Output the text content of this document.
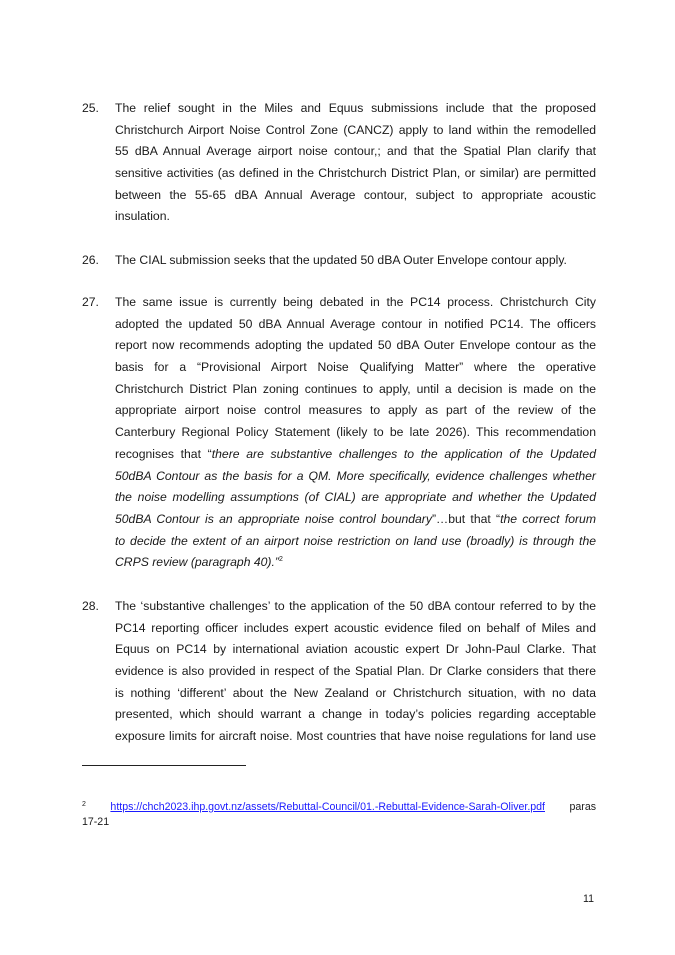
25. The relief sought in the Miles and Equus submissions include that the proposed
Christchurch Airport Noise Control Zone (CANCZ) apply to land within the remodelled
55 dBA Annual Average airport noise contour,; and that the Spatial Plan clarify that
sensitive activities (as defined in the Christchurch District Plan, or similar) are permitted
between the 55-65 dBA Annual Average contour, subject to appropriate acoustic
insulation.
26. The CIAL submission seeks that the updated 50 dBA Outer Envelope contour apply.
27. The same issue is currently being debated in the PC14 process. Christchurch City
adopted the updated 50 dBA Annual Average contour in notified PC14. The officers
report now recommends adopting the updated 50 dBA Outer Envelope contour as the
basis for a “Provisional Airport Noise Qualifying Matter” where the operative
Christchurch District Plan zoning continues to apply, until a decision is made on the
appropriate airport noise control measures to apply as part of the review of the
Canterbury Regional Policy Statement (likely to be late 2026). This recommendation
recognises that “there are substantive challenges to the application of the Updated
50dBA Contour as the basis for a QM. More specifically, evidence challenges whether
the noise modelling assumptions (of CIAL) are appropriate and whether the Updated
50dBA Contour is an appropriate noise control boundary”…but that “the correct forum
to decide the extent of an airport noise restriction on land use (broadly) is through the
CRPS review (paragraph 40).”$^2$
28. The ‘substantive challenges’ to the application of the 50 dBA contour referred to by the
PC14 reporting officer includes expert acoustic evidence filed on behalf of Miles and
Equus on PC14 by international aviation acoustic expert Dr John-Paul Clarke. That
evidence is also provided in respect of the Spatial Plan. Dr Clarke considers that there
is nothing ‘different’ about the New Zealand or Christchurch situation, with no data
presented, which should warrant a change in today’s policies regarding acceptable
exposure limits for aircraft noise. Most countries that have noise regulations for land use
$^2$ https://chch2023.ihp.govt.nz/assets/Rebuttal-Council/01.-Rebuttal-Evidence-Sarah-Oliver.pdf paras
17-21
11
